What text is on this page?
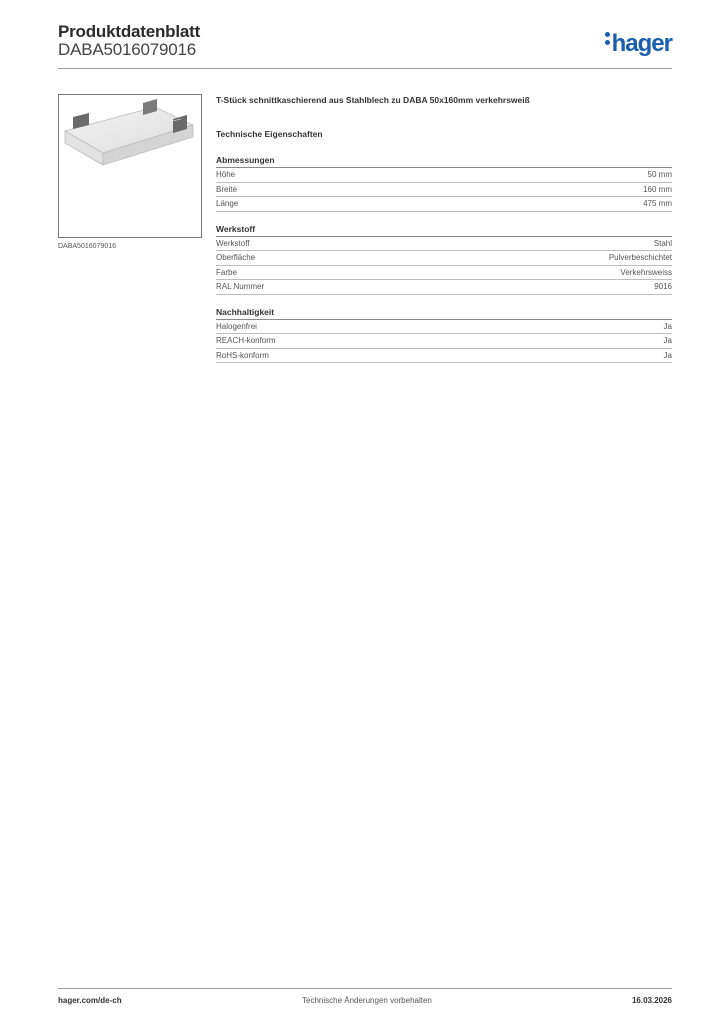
Produktdatenblatt
DABA5016079016	hager
DABA5016079016
T-Stück schnittkaschierend aus Stahlblech zu DABA 50x160mm verkehrsweiß
Technische Eigenschaften
Abmessungen
Höhe	50 mm
Breite	160 mm
Länge	475 mm
Werkstoff
Werkstoff	Stahl
Oberfläche	Pulverbeschichtet
Farbe	Verkehrsweiss
RAL Nummer	9016
Nachhaltigkeit
Halogenfrei	Ja
REACH-konform	Ja
RoHS-konform	Ja
hager.com/de-ch	Technische Änderungen vorbehalten	16.03.2026
